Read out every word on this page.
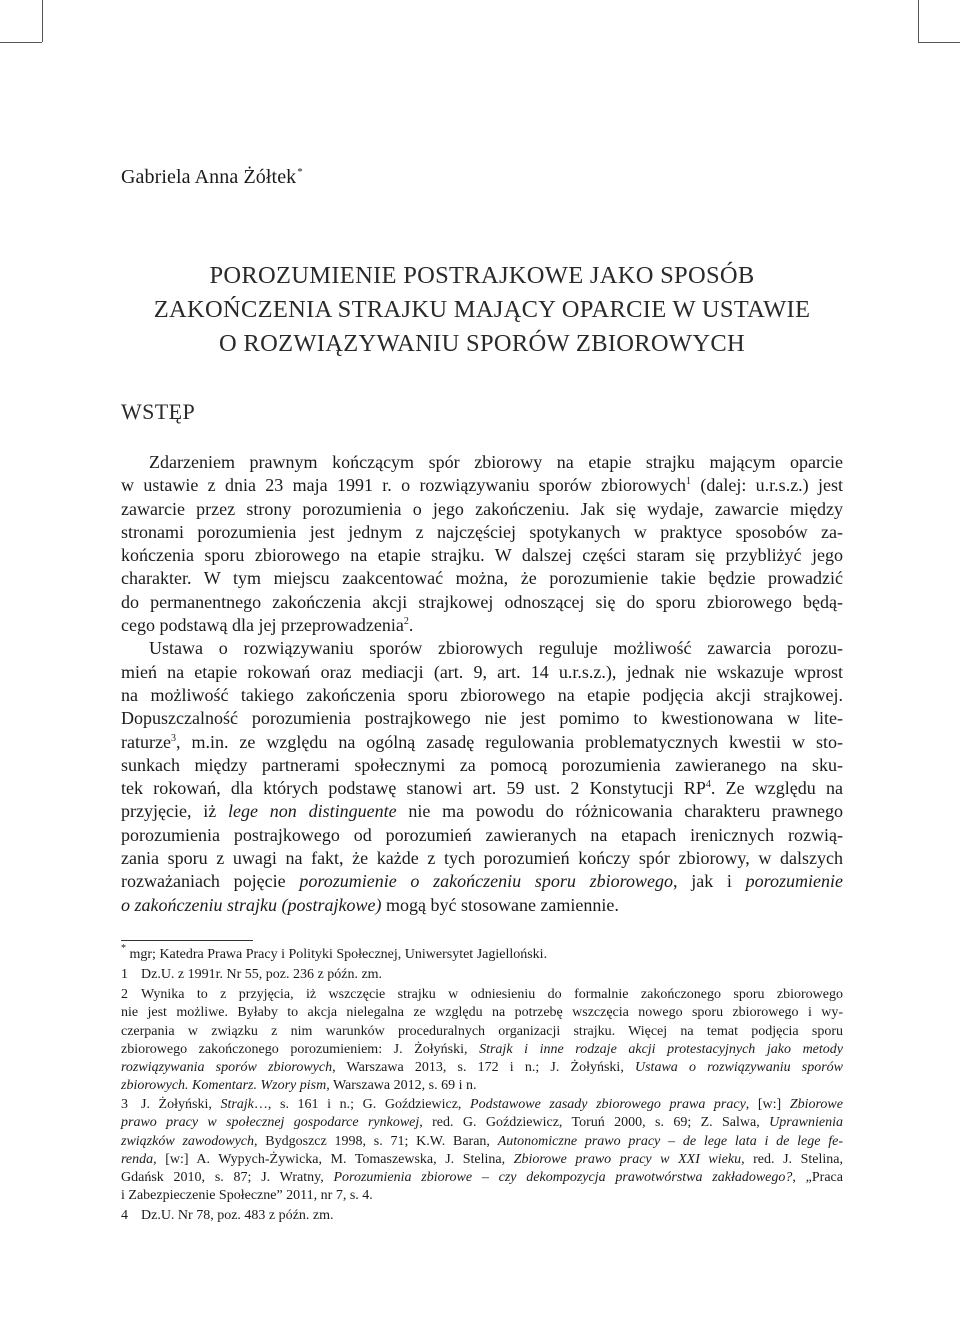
Gabriela Anna Żółtek*
POROZUMIENIE POSTRAJKOWE JAKO SPOSÓB
ZAKOŃCZENIA STRAJKU MAJĄCY OPARCIE W USTAWIE
O ROZWIĄZYWANIU SPORÓW ZBIOROWYCH
WSTĘP
Zdarzeniem prawnym kończącym spór zbiorowy na etapie strajku mającym oparcie
w ustawie z dnia 23 maja 1991 r. o rozwiązywaniu sporów zbiorowych$^1$ (dalej: u.r.s.z.) jest
zawarcie przez strony porozumienia o jego zakończeniu. Jak się wydaje, zawarcie między
stronami porozumienia jest jednym z najczęściej spotykanych w praktyce sposobów za-
kończenia sporu zbiorowego na etapie strajku. W dalszej części staram się przybliżyć jego
charakter. W tym miejscu zaakcentować można, że porozumienie takie będzie prowadzić
do permanentnego zakończenia akcji strajkowej odnoszącej się do sporu zbiorowego będą-
cego podstawą dla jej przeprowadzenia$^2$.
Ustawa o rozwiązywaniu sporów zbiorowych reguluje możliwość zawarcia porozu-
mień na etapie rokowań oraz mediacji (art. 9, art. 14 u.r.s.z.), jednak nie wskazuje wprost
na możliwość takiego zakończenia sporu zbiorowego na etapie podjęcia akcji strajkowej.
Dopuszczalność porozumienia postrajkowego nie jest pomimo to kwestionowana w lite-
raturze$^3$, m.in. ze względu na ogólną zasadę regulowania problematycznych kwestii w sto-
sunkach między partnerami społecznymi za pomocą porozumienia zawieranego na sku-
tek rokowań, dla których podstawę stanowi art. 59 ust. 2 Konstytucji $RP^4$. Ze względu na
przyjęcie, iż lege non distinguente nie ma powodu do różnicowania charakteru prawnego
porozumienia postrajkowego od porozumień zawieranych na etapach irenicznych rozwią-
zania sporu z uwagi na fakt, że każde z tych porozumień kończy spór zbiorowy, w dalszych
rozważaniach pojęcie porozumienie o zakończeniu sporu zbiorowego, jak i porozumienie
o zakończeniu strajku (postrajkowe) mogą być stosowane zamiennie.
* mgr; Katedra Prawa Pracy i Polityki Społecznej, Uniwersytet Jagielloński.
1 Dz.U. z 1991r. Nr 55, poz. 236 z późn. zm.
2 Wynika to z przyjęcia, iż wszczęcie strajku w odniesieniu do formalnie zakończonego sporu zbiorowego
nie jest możliwe. Byłaby to akcja nielegalna ze względu na potrzebę wszczęcia nowego sporu zbiorowego i wy-
czerpania w związku z nim warunków proceduralnych organizacji strajku. Więcej na temat podjęcia sporu
zbiorowego zakończonego porozumieniem: J. Żołyński, Strajk i inne rodzaje akcji protestacyjnych jako metody
rozwiązywania sporów zbiorowych, Warszawa 2013, s. 172 i n.; J. Żołyński, Ustawa o rozwiązywaniu sporów
zbiorowych. Komentarz. Wzory pism, Warszawa 2012, s. 69 i n.
3 J. Żołyński, Strajk…, s. 161 i n.; G. Goździewicz, Podstawowe zasady zbiorowego prawa pracy, [w:] Zbiorowe
prawo pracy w społecznej gospodarce rynkowej, red. G. Goździewicz, Toruń 2000, s. 69; Z. Salwa, Uprawnienia
związków zawodowych, Bydgoszcz 1998, s. 71; K.W. Baran, Autonomiczne prawo pracy – de lege lata i de lege fe-
renda, [w:] A. Wypych-Żywicka, M. Tomaszewska, J. Stelina, Zbiorowe prawo pracy w XXI wieku, red. J. Stelina,
Gdańsk 2010, s. 87; J. Wratny, Porozumienia zbiorowe – czy dekompozycja prawotwórstwa zakładowego?, „Praca
i Zabezpieczenie Społeczne” 2011, nr 7, s. 4.
4 Dz.U. Nr 78, poz. 483 z późn. zm.
